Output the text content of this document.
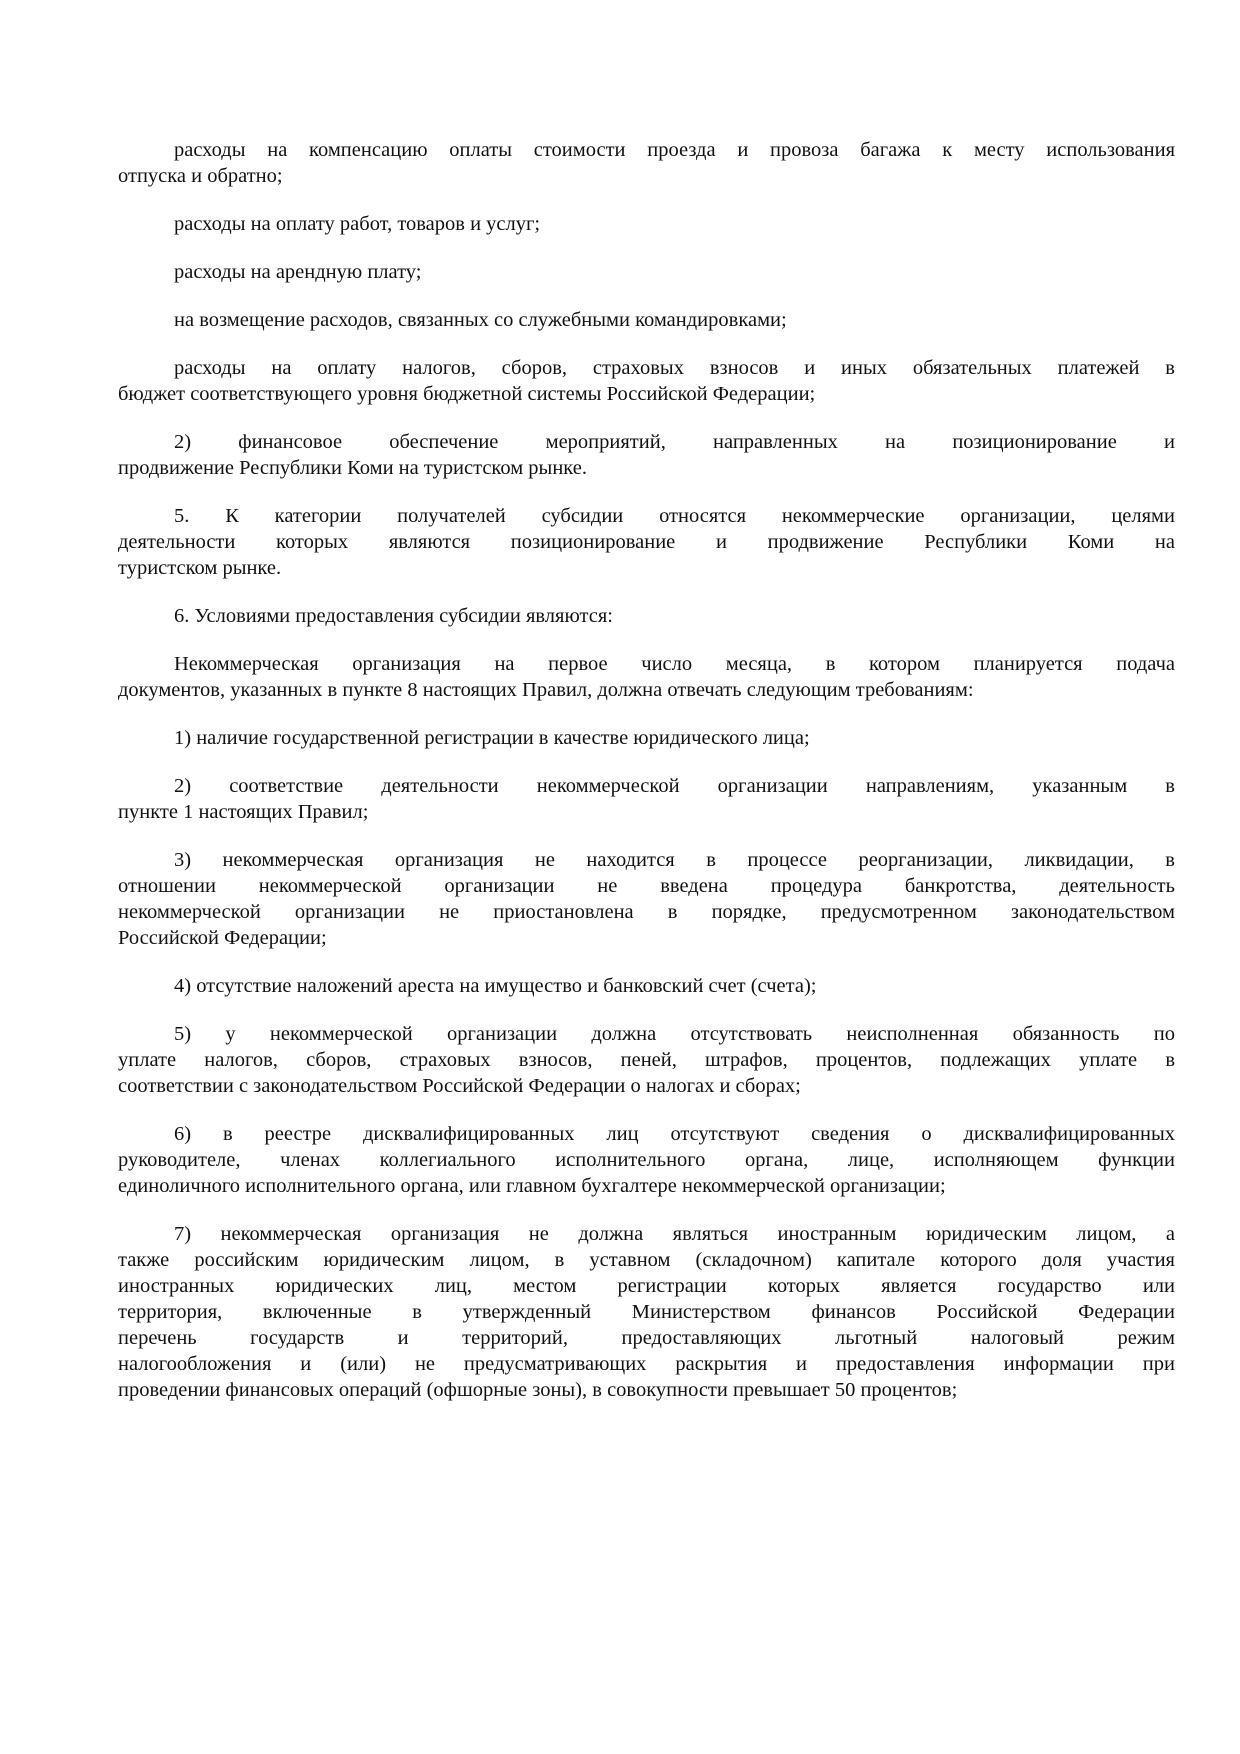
расходы на компенсацию оплаты стоимости проезда и провоза багажа к месту использования
отпуска и обратно;
расходы на оплату работ, товаров и услуг;
расходы на арендную плату;
на возмещение расходов, связанных со служебными командировками;
расходы на оплату налогов, сборов, страховых взносов и иных обязательных платежей в
бюджет соответствующего уровня бюджетной системы Российской Федерации;
2) финансовое обеспечение мероприятий, направленных на позиционирование и
продвижение Республики Коми на туристском рынке.
5. К категории получателей субсидии относятся некоммерческие организации, целями
деятельности которых являются позиционирование и продвижение Республики Коми на
туристском рынке.
6. Условиями предоставления субсидии являются:
Некоммерческая организация на первое число месяца, в котором планируется подача
документов, указанных в пункте 8 настоящих Правил, должна отвечать следующим требованиям:
1) наличие государственной регистрации в качестве юридического лица;
2) соответствие деятельности некоммерческой организации направлениям, указанным в
пункте 1 настоящих Правил;
3) некоммерческая организация не находится в процессе реорганизации, ликвидации, в
отношении некоммерческой организации не введена процедура банкротства, деятельность
некоммерческой организации не приостановлена в порядке, предусмотренном законодательством
Российской Федерации;
4) отсутствие наложений ареста на имущество и банковский счет (счета);
5) у некоммерческой организации должна отсутствовать неисполненная обязанность по
уплате налогов, сборов, страховых взносов, пеней, штрафов, процентов, подлежащих уплате в
соответствии с законодательством Российской Федерации о налогах и сборах;
6) в реестре дисквалифицированных лиц отсутствуют сведения о дисквалифицированных
руководителе, членах коллегиального исполнительного органа, лице, исполняющем функции
единоличного исполнительного органа, или главном бухгалтере некоммерческой организации;
7) некоммерческая организация не должна являться иностранным юридическим лицом, а
также российским юридическим лицом, в уставном (складочном) капитале которого доля участия
иностранных юридических лиц, местом регистрации которых является государство или
территория, включенные в утвержденный Министерством финансов Российской Федерации
перечень государств и территорий, предоставляющих льготный налоговый режим
налогообложения и (или) не предусматривающих раскрытия и предоставления информации при
проведении финансовых операций (офшорные зоны), в совокупности превышает 50 процентов;
